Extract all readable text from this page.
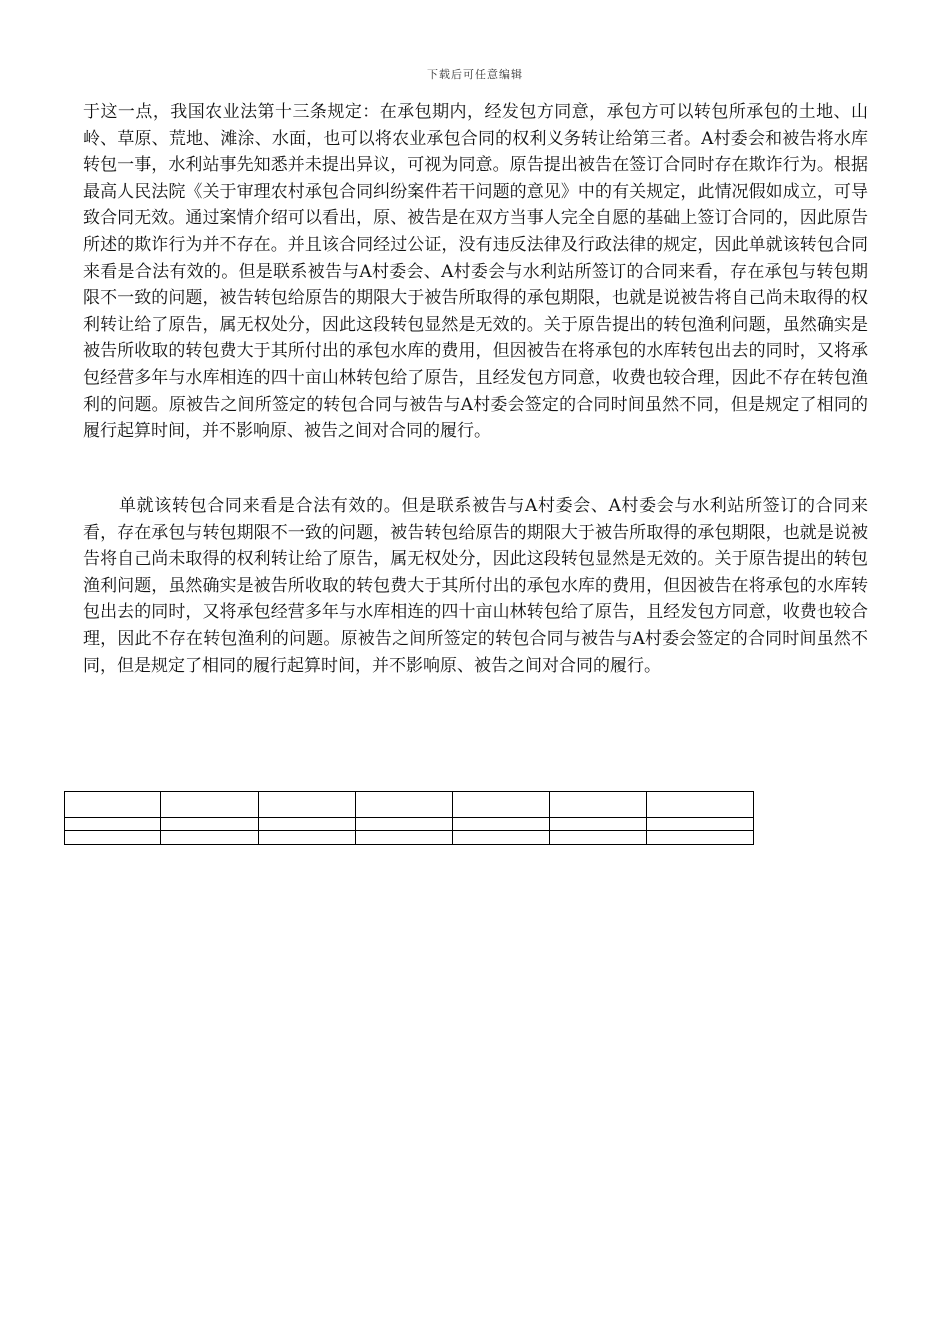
下载后可任意编辑

于这一点，我国农业法第十三条规定：在承包期内，经发包方同意，承包方可以转包所承包的土地、山岭、草原、荒地、滩涂、水面，也可以将农业承包合同的权利义务转让给第三者。A村委会和被告将水库转包一事，水利站事先知悉并未提出异议，可视为同意。原告提出被告在签订合同时存在欺诈行为。根据最高人民法院《关于审理农村承包合同纠纷案件若干问题的意见》中的有关规定，此情况假如成立，可导致合同无效。通过案情介绍可以看出，原、被告是在双方当事人完全自愿的基础上签订合同的，因此原告所述的欺诈行为并不存在。并且该合同经过公证，没有违反法律及行政法律的规定，因此单就该转包合同来看是合法有效的。但是联系被告与A村委会、A村委会与水利站所签订的合同来看，存在承包与转包期限不一致的问题，被告转包给原告的期限大于被告所取得的承包期限，也就是说被告将自己尚未取得的权利转让给了原告，属无权处分，因此这段转包显然是无效的。关于原告提出的转包渔利问题，虽然确实是被告所收取的转包费大于其所付出的承包水库的费用，但因被告在将承包的水库转包出去的同时，又将承包经营多年与水库相连的四十亩山林转包给了原告，且经发包方同意，收费也较合理，因此不存在转包渔利的问题。原被告之间所签定的转包合同与被告与A村委会签定的合同时间虽然不同，但是规定了相同的履行起算时间，并不影响原、被告之间对合同的履行。

单就该转包合同来看是合法有效的。但是联系被告与A村委会、A村委会与水利站所签订的合同来看，存在承包与转包期限不一致的问题，被告转包给原告的期限大于被告所取得的承包期限，也就是说被告将自己尚未取得的权利转让给了原告，属无权处分，因此这段转包显然是无效的。关于原告提出的转包渔利问题，虽然确实是被告所收取的转包费大于其所付出的承包水库的费用，但因被告在将承包的水库转包出去的同时，又将承包经营多年与水库相连的四十亩山林转包给了原告，且经发包方同意，收费也较合理，因此不存在转包渔利的问题。原被告之间所签定的转包合同与被告与A村委会签定的合同时间虽然不同，但是规定了相同的履行起算时间，并不影响原、被告之间对合同的履行。
